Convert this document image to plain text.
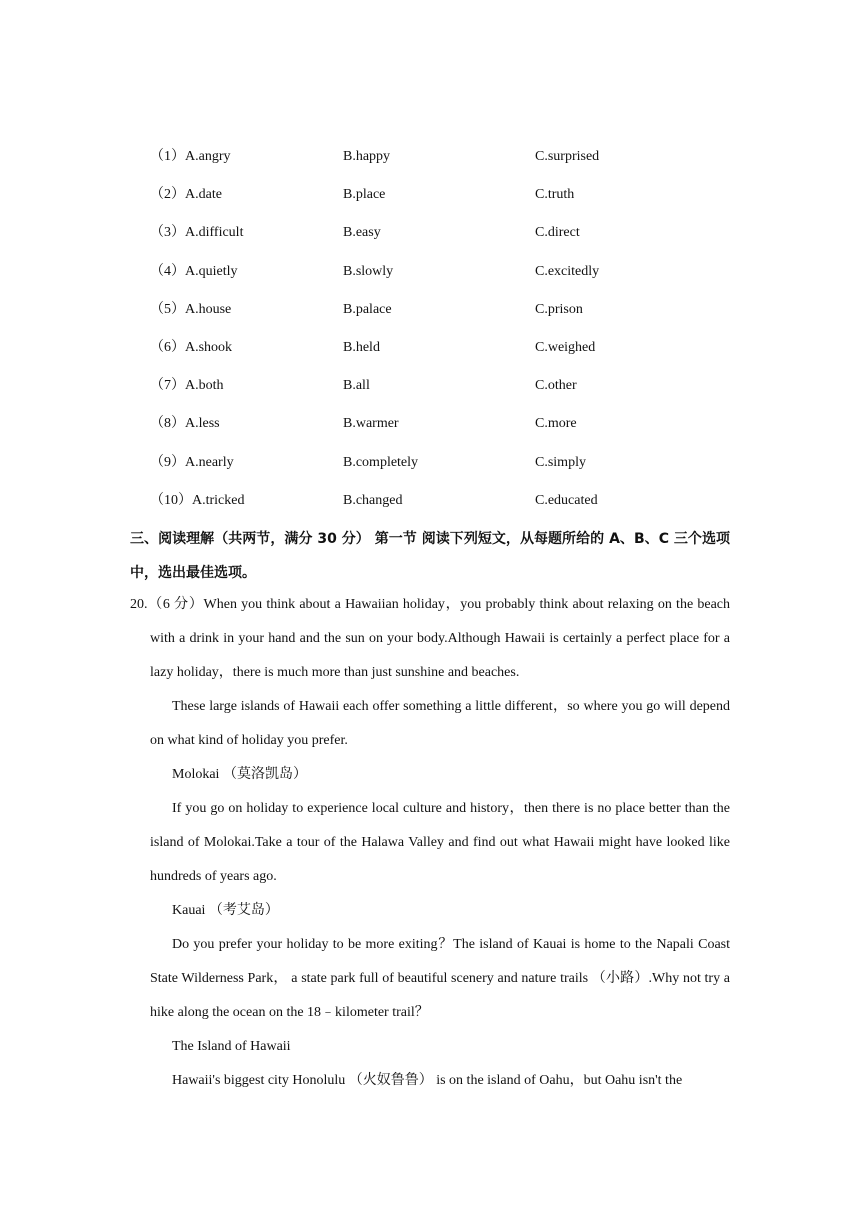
（1）A.angry	B.happy	C.surprised
（2）A.date	B.place	C.truth
（3）A.difficult	B.easy	C.direct
（4）A.quietly	B.slowly	C.excitedly
（5）A.house	B.palace	C.prison
（6）A.shook	B.held	C.weighed
（7）A.both	B.all	C.other
（8）A.less	B.warmer	C.more
（9）A.nearly	B.completely	C.simply
（10）A.tricked	B.changed	C.educated
三、阅读理解（共两节，满分 30 分） 第一节 阅读下列短文，从每题所给的 A、B、C 三个选项中，选出最佳选项。
20.（6 分）When you think about a Hawaiian holiday，you probably think about relaxing on the beach with a drink in your hand and the sun on your body.Although Hawaii is certainly a perfect place for a lazy holiday，there is much more than just sunshine and beaches.
These large islands of Hawaii each offer something a little different，so where you go will depend on what kind of holiday you prefer.
Molokai （莫洛凯岛）
If you go on holiday to experience local culture and history，then there is no place better than the island of Molokai.Take a tour of the Halawa Valley and find out what Hawaii might have looked like hundreds of years ago.
Kauai （考艾岛）
Do you prefer your holiday to be more exiting？The island of Kauai is home to the Napali Coast State Wilderness Park， a state park full of beautiful scenery and nature trails （小路）.Why not try a hike along the ocean on the 18﹣kilometer trail？
The Island of Hawaii
Hawaii's biggest city Honolulu （火奴鲁鲁） is on the island of Oahu，but Oahu isn't the
